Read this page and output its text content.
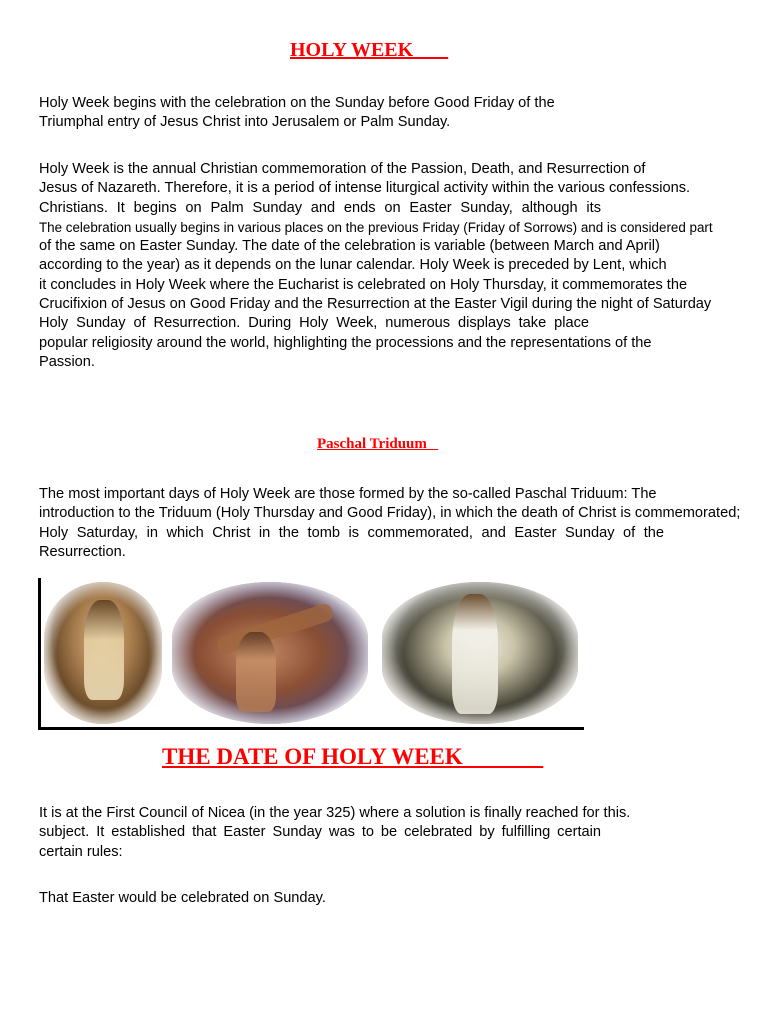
HOLY WEEK
Holy Week begins with the celebration on the Sunday before Good Friday of the
Triumphal entry of Jesus Christ into Jerusalem or Palm Sunday.
Holy Week is the annual Christian commemoration of the Passion, Death, and Resurrection of
Jesus of Nazareth. Therefore, it is a period of intense liturgical activity within the various confessions.
Christians. It begins on Palm Sunday and ends on Easter Sunday, although its
The celebration usually begins in various places on the previous Friday (Friday of Sorrows) and is considered part
of the same on Easter Sunday. The date of the celebration is variable (between March and April)
according to the year) as it depends on the lunar calendar. Holy Week is preceded by Lent, which
it concludes in Holy Week where the Eucharist is celebrated on Holy Thursday, it commemorates the
Crucifixion of Jesus on Good Friday and the Resurrection at the Easter Vigil during the night of Saturday
Holy Sunday of Resurrection. During Holy Week, numerous displays take place
popular religiosity around the world, highlighting the processions and the representations of the
Passion.
Paschal Triduum
The most important days of Holy Week are those formed by the so-called Paschal Triduum: The
introduction to the Triduum (Holy Thursday and Good Friday), in which the death of Christ is commemorated;
Holy Saturday, in which Christ in the tomb is commemorated, and Easter Sunday of the
Resurrection.
THE DATE OF HOLY WEEK
It is at the First Council of Nicea (in the year 325) where a solution is finally reached for this.
subject. It established that Easter Sunday was to be celebrated by fulfilling certain
certain rules:
That Easter would be celebrated on Sunday.
